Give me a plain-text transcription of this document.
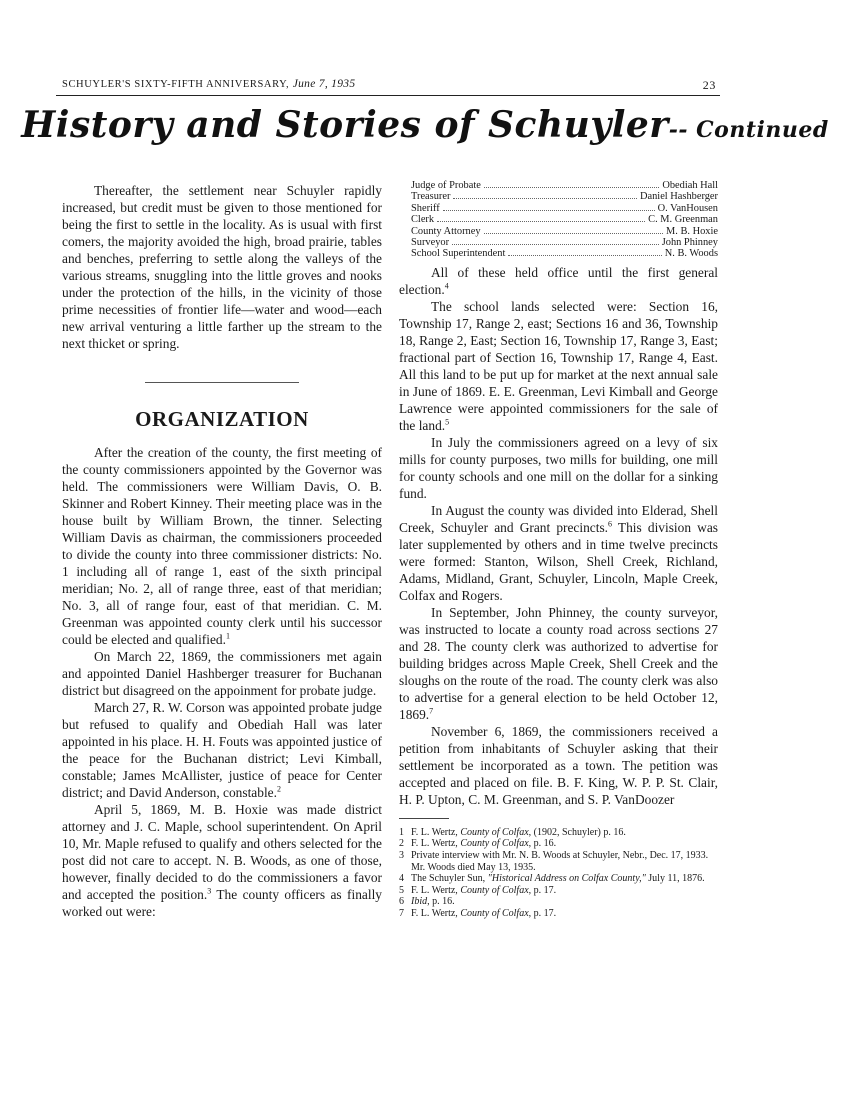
SCHUYLER'S SIXTY-FIFTH ANNIVERSARY, June 7, 1935	23
History and Stories of Schuyler-- Continued

Thereafter, the settlement near Schuyler rapidly increased, but credit must be given to those mentioned for being the first to settle in the locality. As is usual with first comers, the majority avoided the high, broad prairie, tables and benches, preferring to settle along the valleys of the various streams, snuggling into the little groves and nooks under the protection of the hills, in the vicinity of those prime necessities of frontier life—water and wood—each new arrival venturing a little farther up the stream to the next thicket or spring.

ORGANIZATION

After the creation of the county, the first meeting of the county commissioners appointed by the Governor was held. The commissioners were William Davis, O. B. Skinner and Robert Kinney. Their meeting place was in the house built by William Brown, the tinner. Selecting William Davis as chairman, the commissioners proceeded to divide the county into three commissioner districts: No. 1 including all of range 1, east of the sixth principal meridian; No. 2, all of range three, east of that meridian; No. 3, all of range four, east of that meridian. C. M. Greenman was appointed county clerk until his successor could be elected and qualified.$^1$

On March 22, 1869, the commissioners met again and appointed Daniel Hashberger treasurer for Buchanan district but disagreed on the appoinment for probate judge.

March 27, R. W. Corson was appointed probate judge but refused to qualify and Obediah Hall was later appointed in his place. H. H. Fouts was appointed justice of the peace for the Buchanan district; Levi Kimball, constable; James McAllister, justice of peace for Center district; and David Anderson, constable.$^2$

April 5, 1869, M. B. Hoxie was made district attorney and J. C. Maple, school superintendent. On April 10, Mr. Maple refused to qualify and others selected for the post did not care to accept. N. B. Woods, as one of those, however, finally decided to do the commissioners a favor and accepted the position.$^3$ The county officers as finally worked out were:

Judge of Probate	Obediah Hall
Treasurer	Daniel Hashberger
Sheriff	O. VanHousen
Clerk	C. M. Greenman
County Attorney	M. B. Hoxie
Surveyor	John Phinney
School Superintendent	N. B. Woods

All of these held office until the first general election.$^4$

The school lands selected were: Section 16, Township 17, Range 2, east; Sections 16 and 36, Township 18, Range 2, East; Section 16, Township 17, Range 3, East; fractional part of Section 16, Township 17, Range 4, East. All this land to be put up for market at the next annual sale in June of 1869. E. E. Greenman, Levi Kimball and George Lawrence were appointed commissioners for the sale of the land.$^5$

In July the commissioners agreed on a levy of six mills for county purposes, two mills for building, one mill for county schools and one mill on the dollar for a sinking fund.

In August the county was divided into Elderad, Shell Creek, Schuyler and Grant precincts.$^6$ This division was later supplemented by others and in time twelve precincts were formed: Stanton, Wilson, Shell Creek, Richland, Adams, Midland, Grant, Schuyler, Lincoln, Maple Creek, Colfax and Rogers.

In September, John Phinney, the county surveyor, was instructed to locate a county road across sections 27 and 28. The county clerk was authorized to advertise for building bridges across Maple Creek, Shell Creek and the sloughs on the route of the road. The county clerk was also to advertise for a general election to be held October 12, 1869.$^7$

November 6, 1869, the commissioners received a petition from inhabitants of Schuyler asking that their settlement be incorporated as a town. The petition was accepted and placed on file. B. F. King, W. P. P. St. Clair, H. P. Upton, C. M. Greenman, and S. P. VanDoozer

1 F. L. Wertz, County of Colfax, (1902, Schuyler) p. 16.
2 F. L. Wertz, County of Colfax, p. 16.
3 Private interview with Mr. N. B. Woods at Schuyler, Nebr., Dec. 17, 1933. Mr. Woods died May 13, 1935.
4 The Schuyler Sun, "Historical Address on Colfax County," July 11, 1876.
5 F. L. Wertz, County of Colfax, p. 17.
6 Ibid, p. 16.
7 F. L. Wertz, County of Colfax, p. 17.
